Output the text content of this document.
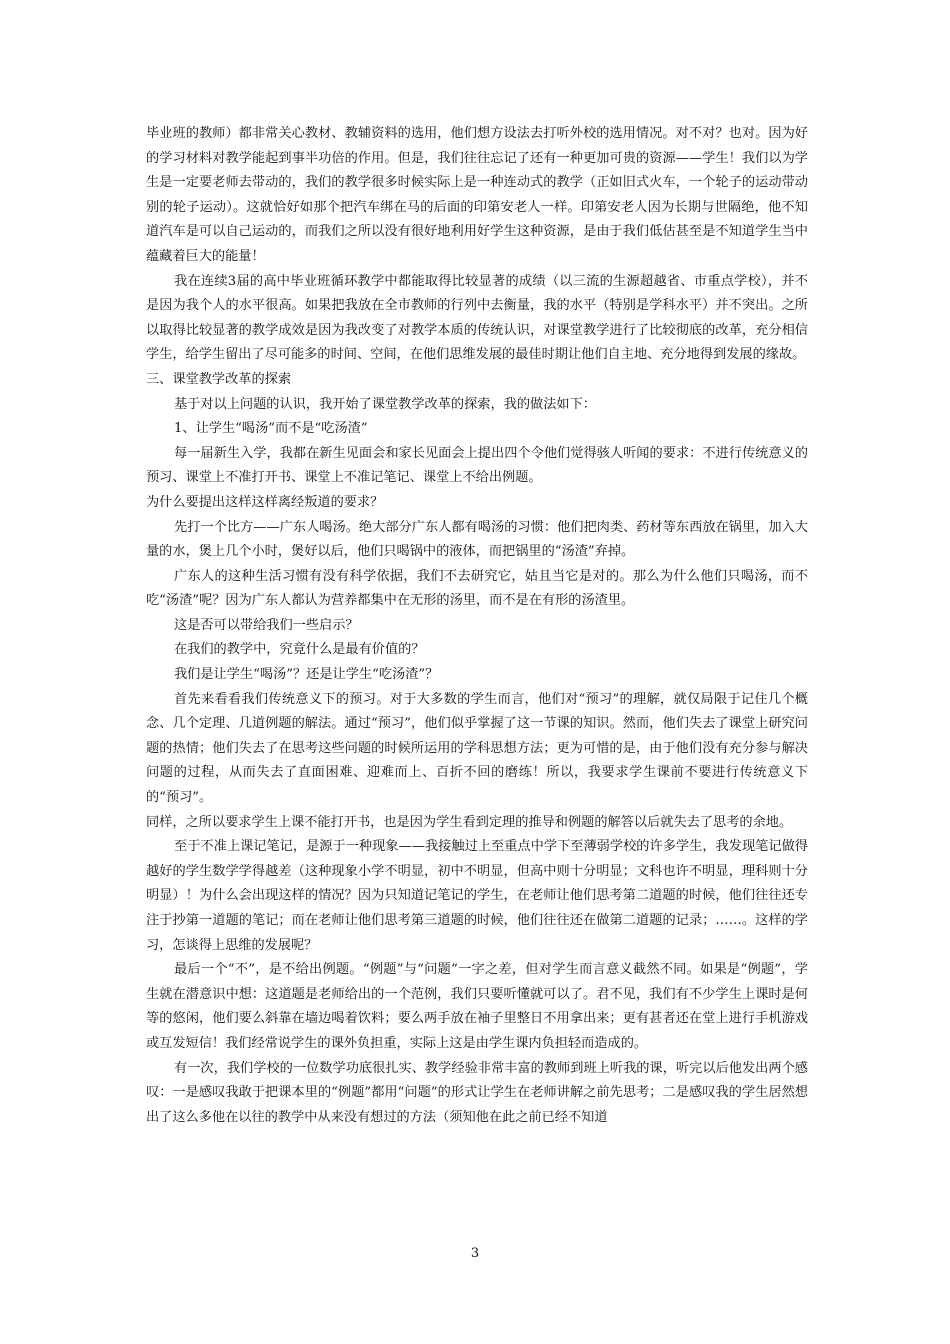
毕业班的教师）都非常关心教材、教辅资料的选用，他们想方设法去打听外校的选用情况。对不对？也对。因为好的学习材料对教学能起到事半功倍的作用。但是，我们往往忘记了还有一种更加可贵的资源——学生！我们以为学生是一定要老师去带动的，我们的教学很多时候实际上是一种连动式的教学（正如旧式火车，一个轮子的运动带动别的轮子运动）。这就恰好如那个把汽车绑在马的后面的印第安老人一样。印第安老人因为长期与世隔绝，他不知道汽车是可以自己运动的，而我们之所以没有很好地利用好学生这种资源，是由于我们低估甚至是不知道学生当中蕴藏着巨大的能量！

我在连续3届的高中毕业班循环教学中都能取得比较显著的成绩（以三流的生源超越省、市重点学校），并不是因为我个人的水平很高。如果把我放在全市教师的行列中去衡量，我的水平（特别是学科水平）并不突出。之所以取得比较显著的教学成效是因为我改变了对教学本质的传统认识，对课堂教学进行了比较彻底的改革，充分相信学生，给学生留出了尽可能多的时间、空间，在他们思维发展的最佳时期让他们自主地、充分地得到发展的缘故。

三、课堂教学改革的探索

基于对以上问题的认识，我开始了课堂教学改革的探索，我的做法如下：

1、让学生“喝汤”而不是“吃汤渣”

每一届新生入学，我都在新生见面会和家长见面会上提出四个令他们觉得骇人听闻的要求：不进行传统意义的预习、课堂上不准打开书、课堂上不准记笔记、课堂上不给出例题。

为什么要提出这样这样离经叛道的要求？

先打一个比方——广东人喝汤。绝大部分广东人都有喝汤的习惯：他们把肉类、药材等东西放在锅里，加入大量的水，煲上几个小时，煲好以后，他们只喝锅中的液体，而把锅里的“汤渣”弃掉。

广东人的这种生活习惯有没有科学依据，我们不去研究它，姑且当它是对的。那么为什么他们只喝汤，而不吃“汤渣”呢？因为广东人都认为营养都集中在无形的汤里，而不是在有形的汤渣里。

这是否可以带给我们一些启示？

在我们的教学中，究竟什么是最有价值的？

我们是让学生“喝汤”？还是让学生“吃汤渣”？

首先来看看我们传统意义下的预习。对于大多数的学生而言，他们对“预习”的理解，就仅局限于记住几个概念、几个定理、几道例题的解法。通过“预习”，他们似乎掌握了这一节课的知识。然而，他们失去了课堂上研究问题的热情；他们失去了在思考这些问题的时候所运用的学科思想方法；更为可惜的是，由于他们没有充分参与解决问题的过程，从而失去了直面困难、迎难而上、百折不回的磨练！所以，我要求学生课前不要进行传统意义下的“预习”。

同样，之所以要求学生上课不能打开书，也是因为学生看到定理的推导和例题的解答以后就失去了思考的余地。

至于不准上课记笔记，是源于一种现象——我接触过上至重点中学下至薄弱学校的许多学生，我发现笔记做得越好的学生数学学得越差（这种现象小学不明显，初中不明显，但高中则十分明显；文科也许不明显，理科则十分明显）！为什么会出现这样的情况？因为只知道记笔记的学生，在老师让他们思考第二道题的时候，他们往往还专注于抄第一道题的笔记；而在老师让他们思考第三道题的时候，他们往往还在做第二道题的记录；……。这样的学习，怎谈得上思维的发展呢？

最后一个“不”，是不给出例题。“例题”与“问题”一字之差，但对学生而言意义截然不同。如果是“例题”，学生就在潜意识中想：这道题是老师给出的一个范例，我们只要听懂就可以了。君不见，我们有不少学生上课时是何等的悠闲，他们要么斜靠在墙边喝着饮料；要么两手放在袖子里整日不用拿出来；更有甚者还在堂上进行手机游戏或互发短信！我们经常说学生的课外负担重，实际上这是由学生课内负担轻而造成的。

有一次，我们学校的一位数学功底很扎实、教学经验非常丰富的教师到班上听我的课，听完以后他发出两个感叹：一是感叹我敢于把课本里的“例题”都用“问题”的形式让学生在老师讲解之前先思考；二是感叹我的学生居然想出了这么多他在以往的教学中从来没有想过的方法（须知他在此之前已经不知道

3
